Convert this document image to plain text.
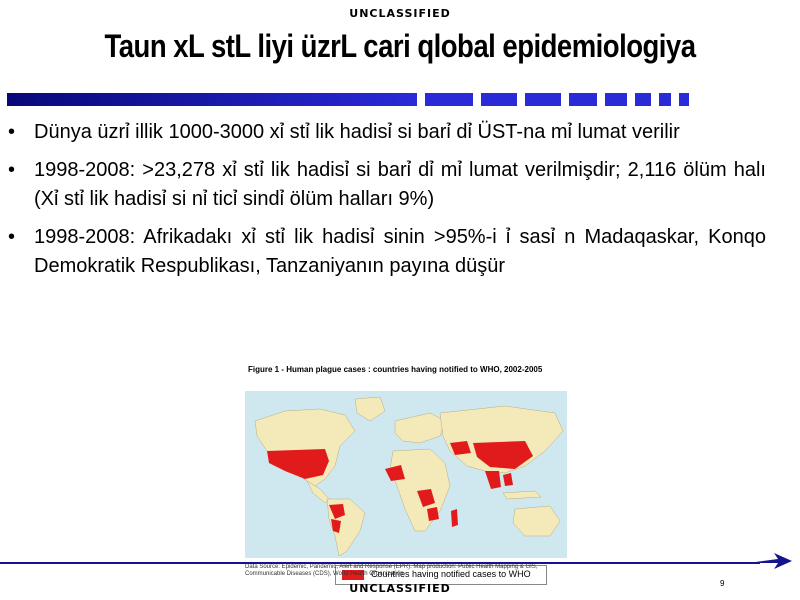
UNCLASSIFIED
Taun xL stL liyi üzrL cari qlobal epidemiologiya
• Dünya üzrỉ illik 1000-3000 xỉ stỉ lik hadisỉ si barỉ dỉ ÜST-na mỉ lumat verilir
• 1998-2008: >23,278 xỉ stỉ lik hadisỉ si barỉ dỉ mỉ lumat verilmişdir; 2,116 ölüm halı (Xỉ stỉ lik hadisỉ si nỉ ticỉ sindỉ ölüm halları 9%)
• 1998-2008: Afrikadakı xỉ stỉ lik hadisỉ sinin >95%-i ỉ sasỉ n Madaqaskar, Konqo Demokratik Respublikası, Tanzaniyanın payına düşür
Figure 1 - Human plague cases : countries having notified to WHO, 2002-2005
Countries having notified cases to WHO
Data Source: Epidemic, Pandemic, Alert and Response (EPR). Map production: Public Health Mapping & GIS, Communicable Diseases (CDS), World Health Organization
9
UNCLASSIFIED
